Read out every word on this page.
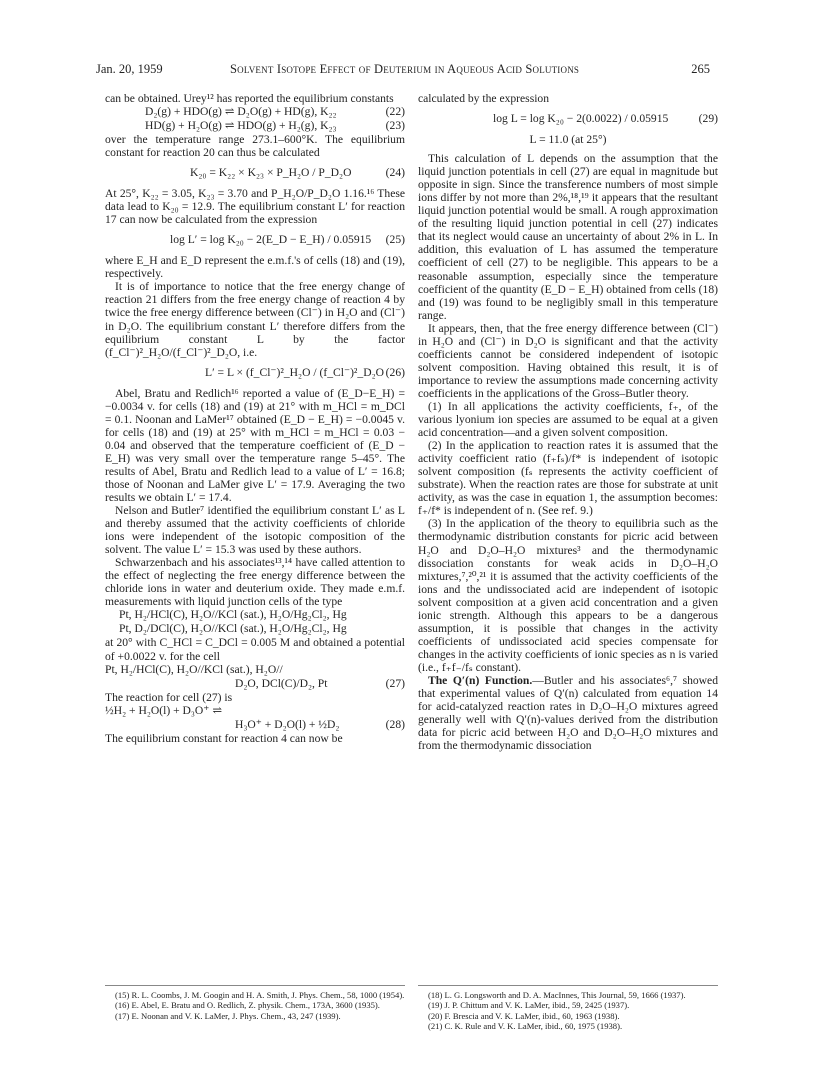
Jan. 20, 1959	Solvent Isotope Effect of Deuterium in Aqueous Acid Solutions	265

can be obtained. Urey¹² has reported the equilibrium constants

D₂(g) + HDO(g) ⇌ D₂O(g) + HD(g), K₂₂	(22)
HD(g) + H₂O(g) ⇌ HDO(g) + H₂(g), K₂₃	(23)

over the temperature range 273.1–600°K. The equilibrium constant for reaction 20 can thus be calculated

K₂₀ = K₂₂ × K₂₃ × P_H₂O / P_D₂O	(24)

At 25°, K₂₂ = 3.05, K₂₃ = 3.70 and P_H₂O/P_D₂O 1.16.¹⁶ These data lead to K₂₀ = 12.9. The equilibrium constant L′ for reaction 17 can now be calculated from the expression

log L′ = log K₂₀ − 2(E_D − E_H) / 0.05915 (25)

where E_H and E_D represent the e.m.f.'s of cells (18) and (19), respectively.

It is of importance to notice that the free energy change of reaction 21 differs from the free energy change of reaction 4 by twice the free energy difference between (Cl⁻) in H₂O and (Cl⁻) in D₂O. The equilibrium constant L′ therefore differs from the equilibrium constant L by the factor (f_Cl⁻)²_H₂O/(f_Cl⁻)²_D₂O, i.e.

L′ = L × (f_Cl⁻)²_H₂O / (f_Cl⁻)²_D₂O (26)

Abel, Bratu and Redlich¹⁶ reported a value of (E_D−E_H) = −0.0034 v. for cells (18) and (19) at 21° with m_HCl = m_DCl = 0.1. Noonan and LaMer¹⁷ obtained (E_D − E_H) = −0.0045 v. for cells (18) and (19) at 25° with m_HCl = m_HCl = 0.03 − 0.04 and observed that the temperature coefficient of (E_D − E_H) was very small over the temperature range 5–45°. The results of Abel, Bratu and Redlich lead to a value of L′ = 16.8; those of Noonan and LaMer give L′ = 17.9. Averaging the two results we obtain L′ = 17.4.

Nelson and Butler⁷ identified the equilibrium constant L′ as L and thereby assumed that the activity coefficients of chloride ions were independent of the isotopic composition of the solvent. The value L′ = 15.3 was used by these authors.

Schwarzenbach and his associates¹³,¹⁴ have called attention to the effect of neglecting the free energy difference between the chloride ions in water and deuterium oxide. They made e.m.f. measurements with liquid junction cells of the type

Pt, H₂/HCl(C), H₂O//KCl (sat.), H₂O/Hg₂Cl₂, Hg
Pt, D₂/DCl(C), H₂O//KCl (sat.), H₂O/Hg₂Cl₂, Hg

at 20° with C_HCl = C_DCl = 0.005 M and obtained a potential of +0.0022 v. for the cell

Pt, H₂/HCl(C), H₂O//KCl (sat.), H₂O//
D₂O, DCl(C)/D₂, Pt	(27)

The reaction for cell (27) is

½H₂ + H₂O(l) + D₃O⁺ ⇌
H₃O⁺ + D₂O(l) + ½D₂	(28)

The equilibrium constant for reaction 4 can now be

(15) R. L. Coombs, J. M. Googin and H. A. Smith, J. Phys. Chem., 58, 1000 (1954).

(16) E. Abel, E. Bratu and O. Redlich, Z. physik. Chem., 173A, 3600 (1935).

(17) E. Noonan and V. K. LaMer, J. Phys. Chem., 43, 247 (1939).

calculated by the expression

log L = log K₂₀ − 2(0.0022) / 0.05915	(29)

L = 11.0 (at 25°)

This calculation of L depends on the assumption that the liquid junction potentials in cell (27) are equal in magnitude but opposite in sign. Since the transference numbers of most simple ions differ by not more than 2%,¹⁸,¹⁹ it appears that the resultant liquid junction potential would be small. A rough approximation of the resulting liquid junction potential in cell (27) indicates that its neglect would cause an uncertainty of about 2% in L. In addition, this evaluation of L has assumed the temperature coefficient of cell (27) to be negligible. This appears to be a reasonable assumption, especially since the temperature coefficient of the quantity (E_D − E_H) obtained from cells (18) and (19) was found to be negligibly small in this temperature range.

It appears, then, that the free energy difference between (Cl⁻) in H₂O and (Cl⁻) in D₂O is significant and that the activity coefficients cannot be considered independent of isotopic solvent composition. Having obtained this result, it is of importance to review the assumptions made concerning activity coefficients in the applications of the Gross–Butler theory.

(1) In all applications the activity coefficients, f₊, of the various lyonium ion species are assumed to be equal at a given acid concentration—and a given solvent composition.

(2) In the application to reaction rates it is assumed that the activity coefficient ratio (f₊fₛ)/f* is independent of isotopic solvent composition (fₛ represents the activity coefficient of substrate). When the reaction rates are those for substrate at unit activity, as was the case in equation 1, the assumption becomes: f₊/f* is independent of n. (See ref. 9.)

(3) In the application of the theory to equilibria such as the thermodynamic distribution constants for picric acid between H₂O and D₂O–H₂O mixtures³ and the thermodynamic dissociation constants for weak acids in D₂O–H₂O mixtures,⁷,²⁰,²¹ it is assumed that the activity coefficients of the ions and the undissociated acid are independent of isotopic solvent composition at a given acid concentration and a given ionic strength. Although this appears to be a dangerous assumption, it is possible that changes in the activity coefficients of undissociated acid species compensate for changes in the activity coefficients of ionic species as n is varied (i.e., f₊f₋/fₛ constant).

The Q′(n) Function.—Butler and his associates⁶,⁷ showed that experimental values of Q′(n) calculated from equation 14 for acid-catalyzed reaction rates in D₂O–H₂O mixtures agreed generally well with Q′(n)-values derived from the distribution data for picric acid between H₂O and D₂O–H₂O mixtures and from the thermodynamic dissociation

(18) L. G. Longsworth and D. A. MacInnes, This Journal, 59, 1666 (1937).

(19) J. P. Chittum and V. K. LaMer, ibid., 59, 2425 (1937).

(20) F. Brescia and V. K. LaMer, ibid., 60, 1963 (1938).

(21) C. K. Rule and V. K. LaMer, ibid., 60, 1975 (1938).
